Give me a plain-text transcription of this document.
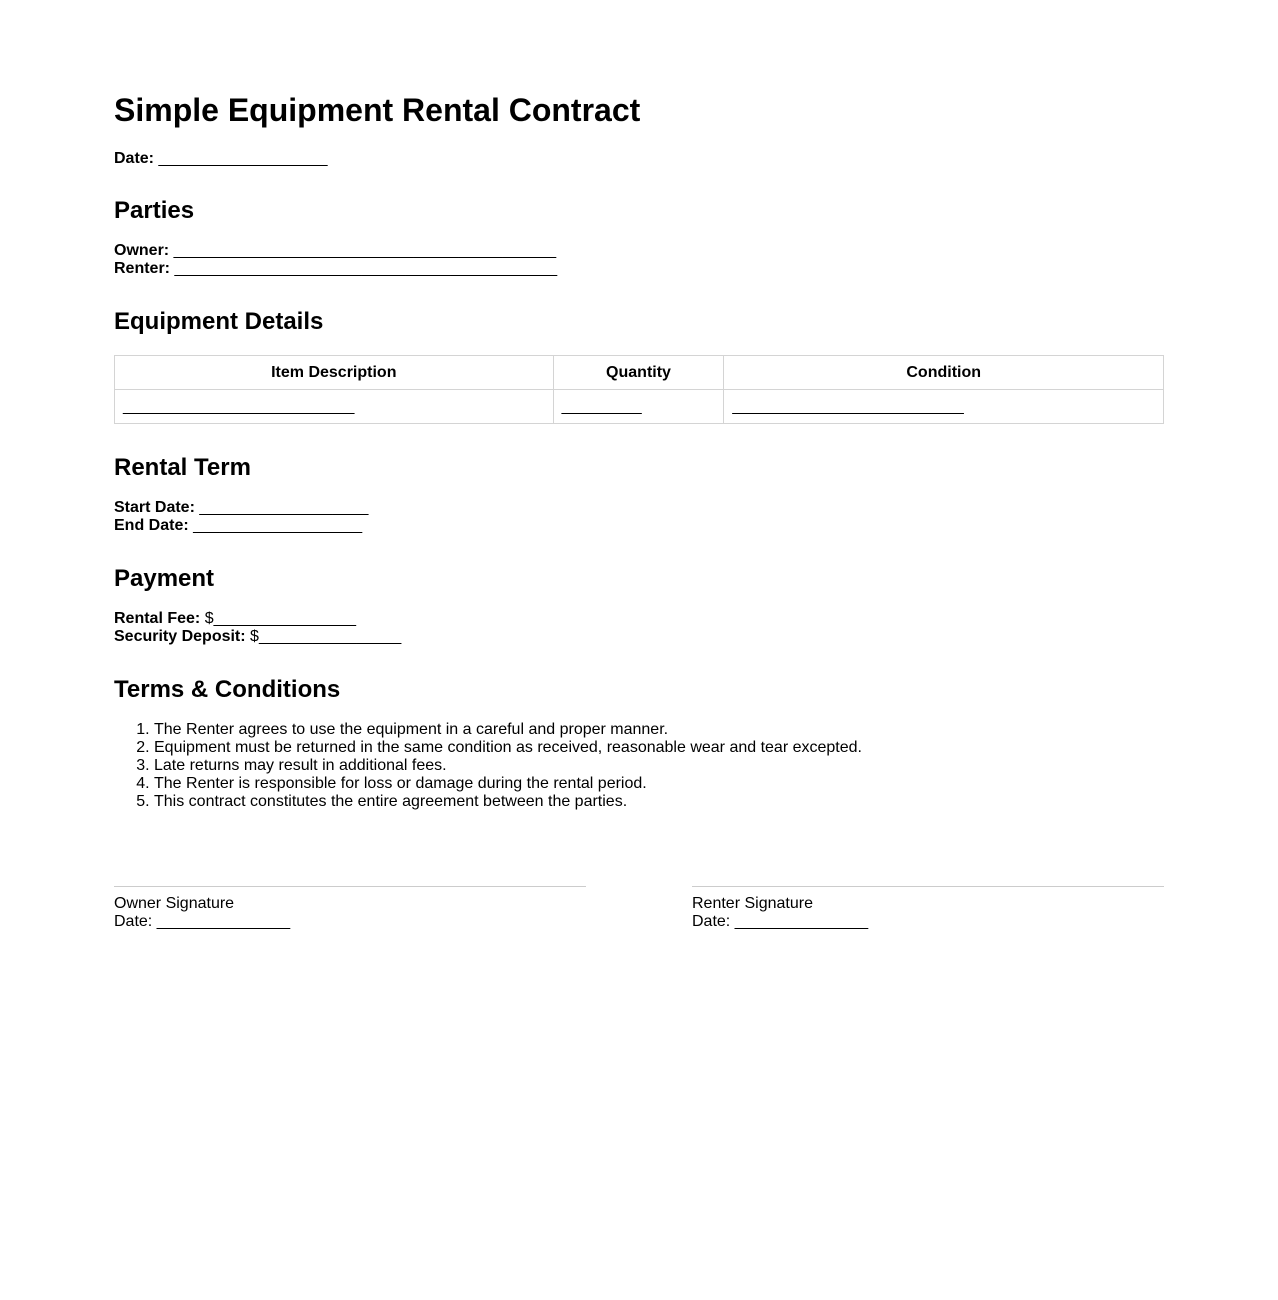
Simple Equipment Rental Contract
Date: ___________________
Parties
Owner: ___________________________________________
Renter: ___________________________________________
Equipment Details
Item Description	Quantity	Condition
__________________________	_________	__________________________
Rental Term
Start Date: ___________________
End Date: ___________________
Payment
Rental Fee: $________________
Security Deposit: $________________
Terms & Conditions
1. The Renter agrees to use the equipment in a careful and proper manner.
2. Equipment must be returned in the same condition as received, reasonable wear and tear excepted.
3. Late returns may result in additional fees.
4. The Renter is responsible for loss or damage during the rental period.
5. This contract constitutes the entire agreement between the parties.
Owner Signature
Date: _______________
Renter Signature
Date: _______________
